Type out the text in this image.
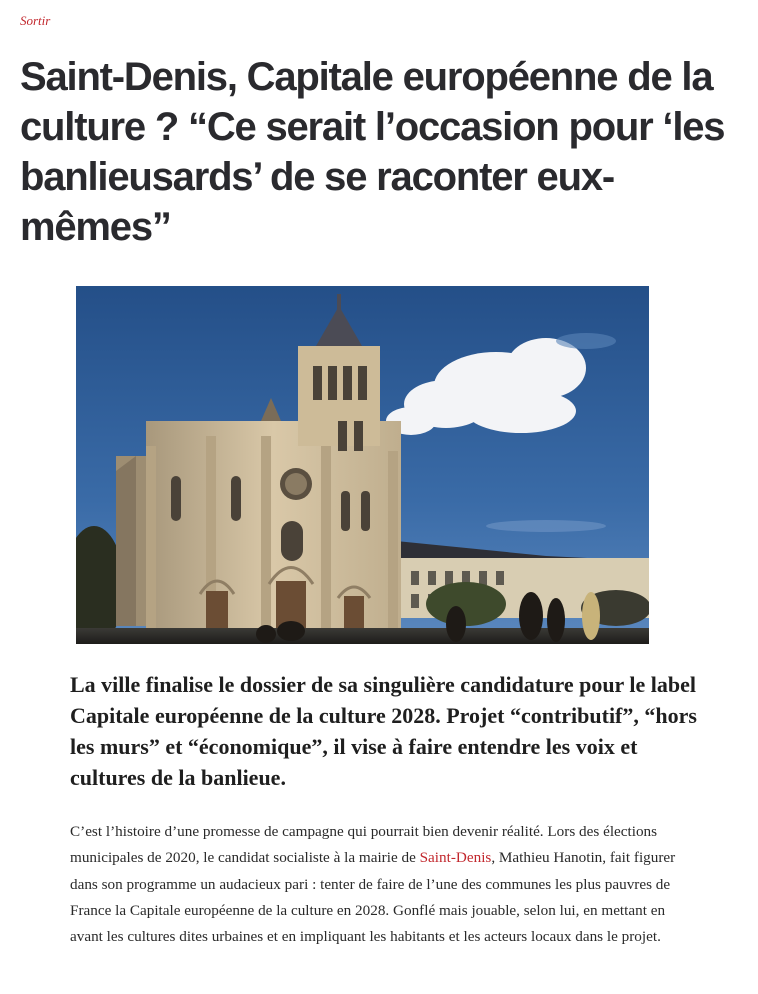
Sortir
Saint-Denis, Capitale européenne de la culture ? “Ce serait l’occasion pour ‘les banlieusards’ de se raconter eux-mêmes”

La ville finalise le dossier de sa singulière candidature pour le label Capitale européenne de la culture 2028. Projet “contributif”, “hors les murs” et “économique”, il vise à faire entendre les voix et cultures de la banlieue.

C’est l’histoire d’une promesse de campagne qui pourrait bien devenir réalité. Lors des élections municipales de 2020, le candidat socialiste à la mairie de Saint-Denis, Mathieu Hanotin, fait figurer dans son programme un audacieux pari : tenter de faire de l’une des communes les plus pauvres de France la Capitale européenne de la culture en 2028. Gonflé mais jouable, selon lui, en mettant en avant les cultures dites urbaines et en impliquant les habitants et les acteurs locaux dans le projet.
